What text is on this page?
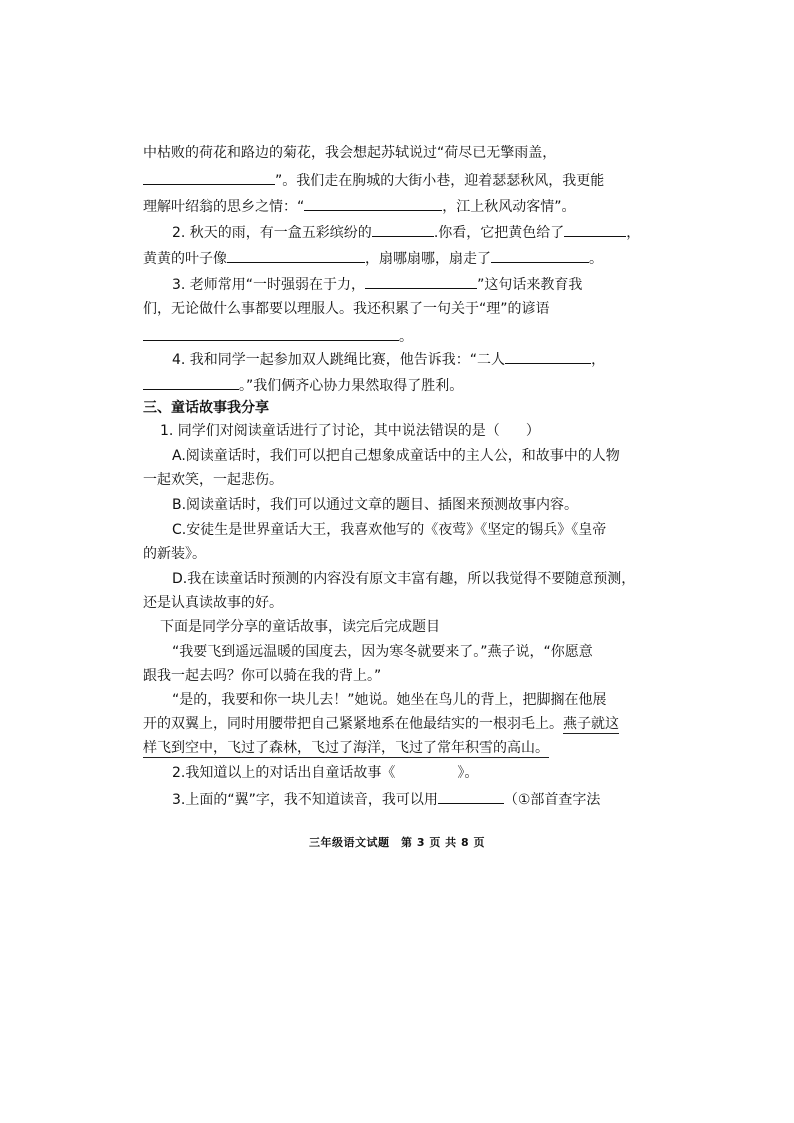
中枯败的荷花和路边的菊花，我会想起苏轼说过“荷尽已无擎雨盖，
”。我们走在朐城的大街小巷，迎着瑟瑟秋风，我更能
理解叶绍翁的思乡之情：“	，江上秋风动客情”。
2. 秋天的雨，有一盒五彩缤纷的	.你看，它把黄色给了	，
黄黄的叶子像	，扇哪扇哪，扇走了	。
3. 老师常用“一时强弱在于力，	”这句话来教育我
们，无论做什么事都要以理服人。我还积累了一句关于“理”的谚语
。
4. 我和同学一起参加双人跳绳比赛，他告诉我：“二人	，
。”我们俩齐心协力果然取得了胜利。
三、童话故事我分享
1. 同学们对阅读童话进行了讨论，其中说法错误的是（ ）
A.阅读童话时，我们可以把自己想象成童话中的主人公，和故事中的人物
一起欢笑，一起悲伤。
B.阅读童话时，我们可以通过文章的题目、插图来预测故事内容。
C.安徒生是世界童话大王，我喜欢他写的《夜莺》《坚定的锡兵》《皇帝
的新装》。
D.我在读童话时预测的内容没有原文丰富有趣，所以我觉得不要随意预测，
还是认真读故事的好。
下面是同学分享的童话故事，读完后完成题目
“我要飞到遥远温暖的国度去，因为寒冬就要来了。”燕子说，“你愿意
跟我一起去吗？你可以骑在我的背上。”
“是的，我要和你一块儿去！”她说。她坐在鸟儿的背上，把脚搁在他展
开的双翼上，同时用腰带把自己紧紧地系在他最结实的一根羽毛上。燕子就这
样飞到空中，飞过了森林，飞过了海洋，飞过了常年积雪的高山。
2.我知道以上的对话出自童话故事《	》。
3.上面的“翼”字，我不知道读音，我可以用	（①部首查字法
三年级语文试题　第 3 页 共 8 页
